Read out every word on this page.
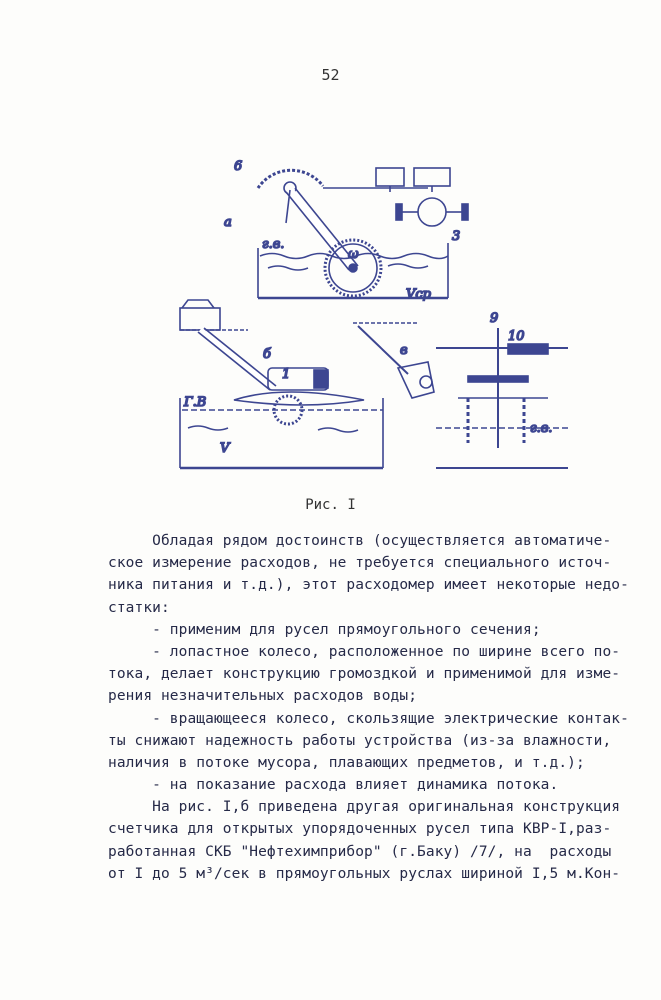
52
6
а
г.в.
ω
Vср
3
б
Г.В
V
1
в
9
10
г.в.
Рис. I
Обладая рядом достоинств (осуществляется автоматиче-
ское измерение расходов, не требуется специального источ-
ника питания и т.д.), этот расходомер имеет некоторые недо-
статки:
- применим для русел прямоугольного сечения;
- лопастное колесо, расположенное по ширине всего по-
тока, делает конструкцию громоздкой и применимой для изме-
рения незначительных расходов воды;
- вращающееся колесо, скользящие электрические контак-
ты снижают надежность работы устройства (из-за влажности,
наличия в потоке мусора, плавающих предметов, и т.д.);
- на показание расхода влияет динамика потока.
На рис. I,б приведена другая оригинальная конструкция
счетчика для открытых упорядоченных русел типа КВР-I,раз-
работанная СКБ "Нефтехимприбор" (г.Баку) /7/, на  расходы
от I до 5 м³/сек в прямоугольных руслах шириной I,5 м.Кон-
